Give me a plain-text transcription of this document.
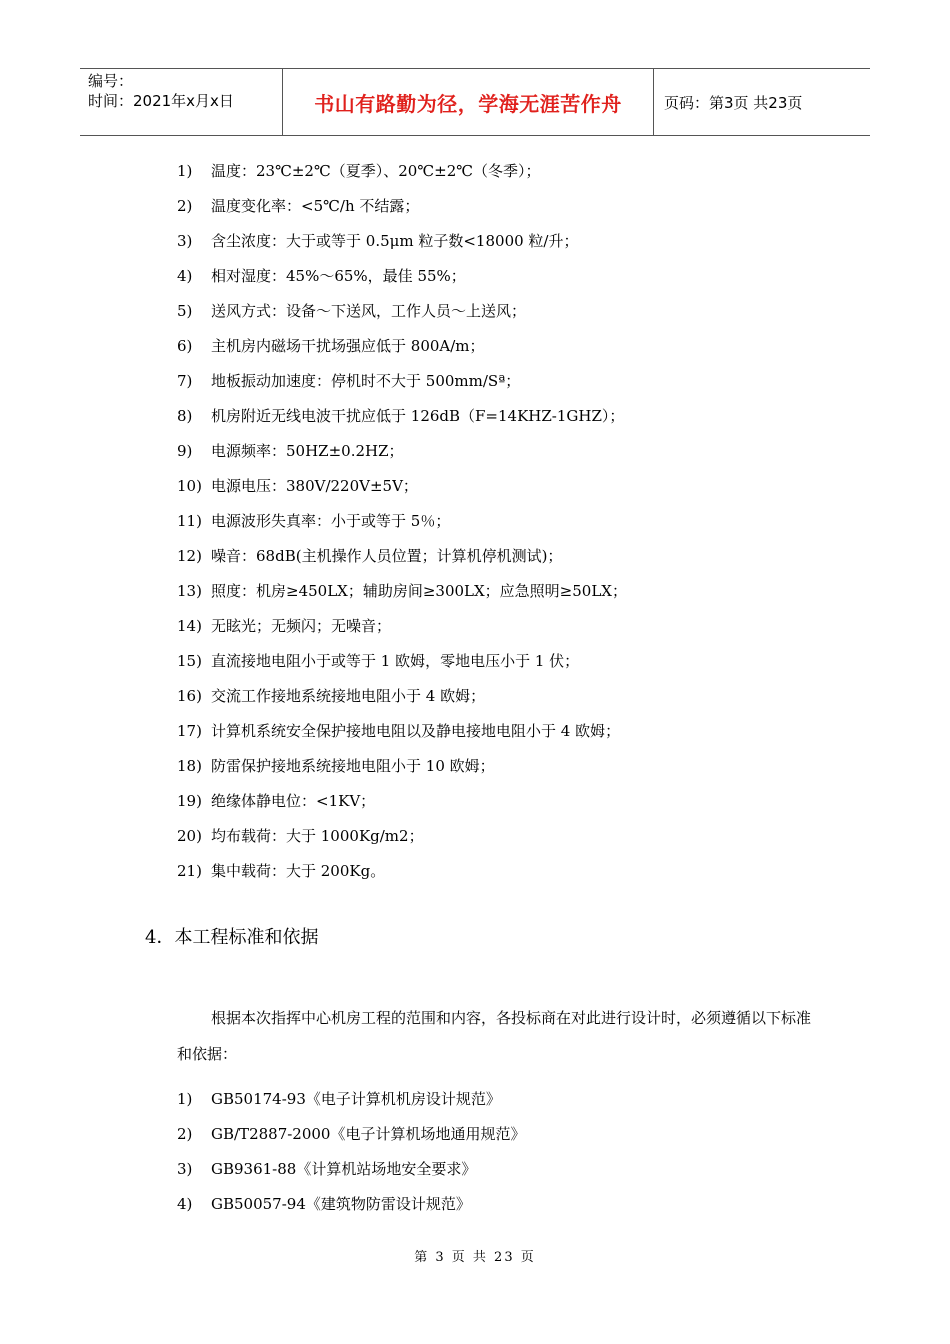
编号：
时间：2021年x月x日	书山有路勤为径，学海无涯苦作舟	页码：第3页 共23页
1) 温度：23℃±2℃（夏季）、20℃±2℃（冬季）；
2) 温度变化率：<5℃/h 不结露；
3) 含尘浓度：大于或等于 0.5μm 粒子数<18000 粒/升；
4) 相对湿度：45%～65%，最佳 55%；
5) 送风方式：设备～下送风，工作人员～上送风；
6) 主机房内磁场干扰场强应低于 800A/m；
7) 地板振动加速度：停机时不大于 500mm/Sª；
8) 机房附近无线电波干扰应低于 126dB（F=14KHZ-1GHZ）；
9) 电源频率：50HZ±0.2HZ；
10) 电源电压：380V/220V±5V；
11) 电源波形失真率：小于或等于 5％；
12) 噪音：68dB(主机操作人员位置；计算机停机测试)；
13) 照度：机房≥450LX；辅助房间≥300LX；应急照明≥50LX；
14) 无眩光；无频闪；无噪音；
15) 直流接地电阻小于或等于 1 欧姆，零地电压小于 1 伏；
16) 交流工作接地系统接地电阻小于 4 欧姆；
17) 计算机系统安全保护接地电阻以及静电接地电阻小于 4 欧姆；
18) 防雷保护接地系统接地电阻小于 10 欧姆；
19) 绝缘体静电位：<1KV；
20) 均布载荷：大于 1000Kg/m2；
21) 集中载荷：大于 200Kg。
4．本工程标准和依据
根据本次指挥中心机房工程的范围和内容，各投标商在对此进行设计时，必须遵循以下标准和依据：
1) GB50174-93《电子计算机机房设计规范》
2) GB/T2887-2000《电子计算机场地通用规范》
3) GB9361-88《计算机站场地安全要求》
4) GB50057-94《建筑物防雷设计规范》
第 3 页 共 23 页
